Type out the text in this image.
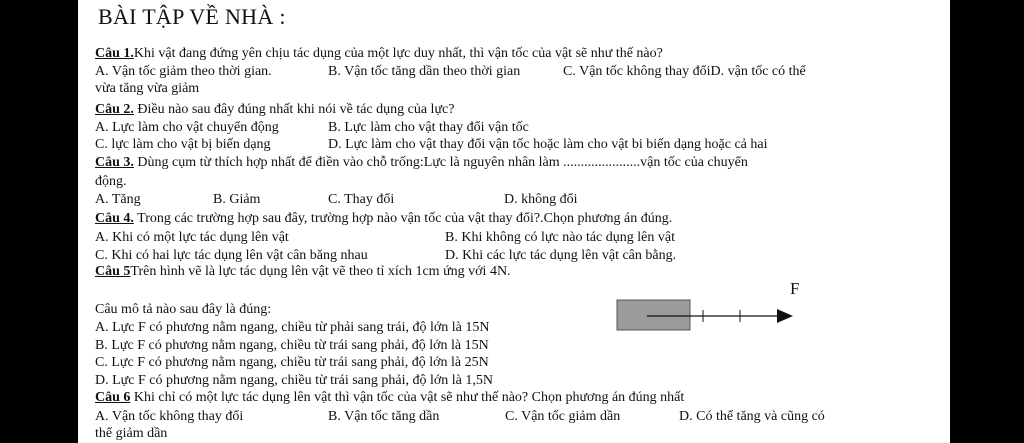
BÀI TẬP VỀ NHÀ :
Câu 1.Khi vật đang đứng yên chịu tác dụng của một lực duy nhất, thì vận tốc của vật sẽ như thế nào?
A. Vận tốc giảm theo thời gian.	B. Vận tốc tăng dần theo thời gian	C. Vận tốc không thay đổiD. vận tốc có thể
vừa tăng vừa giảm
Câu 2. Điều nào sau đây đúng nhất khi nói về tác dụng của lực?
A. Lực làm cho vật chuyển động	B. Lực làm cho vật thay đổi vận tốc
C. lực làm cho vật bị biến dạng	D. Lực làm cho vật thay đổi vận tốc hoặc làm cho vật bi biến dạng hoặc cả hai
Câu 3. Dùng cụm từ thích hợp nhất để điền vào chỗ trống:Lực là nguyên nhân làm ......................vận tốc của chuyển
động.
A. Tăng	B. Giảm	C. Thay đổi	D. không đổi
Câu 4. Trong các trường hợp sau đây, trường hợp nào vận tốc của vật thay đổi?.Chọn phương án đúng.
A. Khi có một lực tác dụng lên vật	B. Khi không có lực nào tác dụng lên vật
C. Khi có hai lực tác dụng lên vật cân băng nhau	D. Khi các lực tác dụng lên vật cân bằng.
Câu 5Trên hình vẽ là lực tác dụng lên vật vẽ theo tỉ xích 1cm ứng với 4N.
Câu mô tả nào sau đây là đúng:
A. Lực F có phương nằm ngang, chiều từ phải sang trái, độ lớn là 15N
B. Lực F có phương nằm ngang, chiều từ trái sang phải, độ lớn là 15N
C. Lực F có phương nằm ngang, chiều từ trái sang phải, độ lớn là 25N
D. Lực F có phương nằm ngang, chiều từ trái sang phải, độ lớn là 1,5N
F
Câu 6 Khi chỉ có một lực tác dụng lên vật thì vận tốc của vật sẽ như thế nào? Chọn phương án đúng nhất
A. Vận tốc không thay đổi	B. Vận tốc tăng dần	C. Vận tốc giảm dần	D. Có thể tăng và cũng có
thể giảm dần
